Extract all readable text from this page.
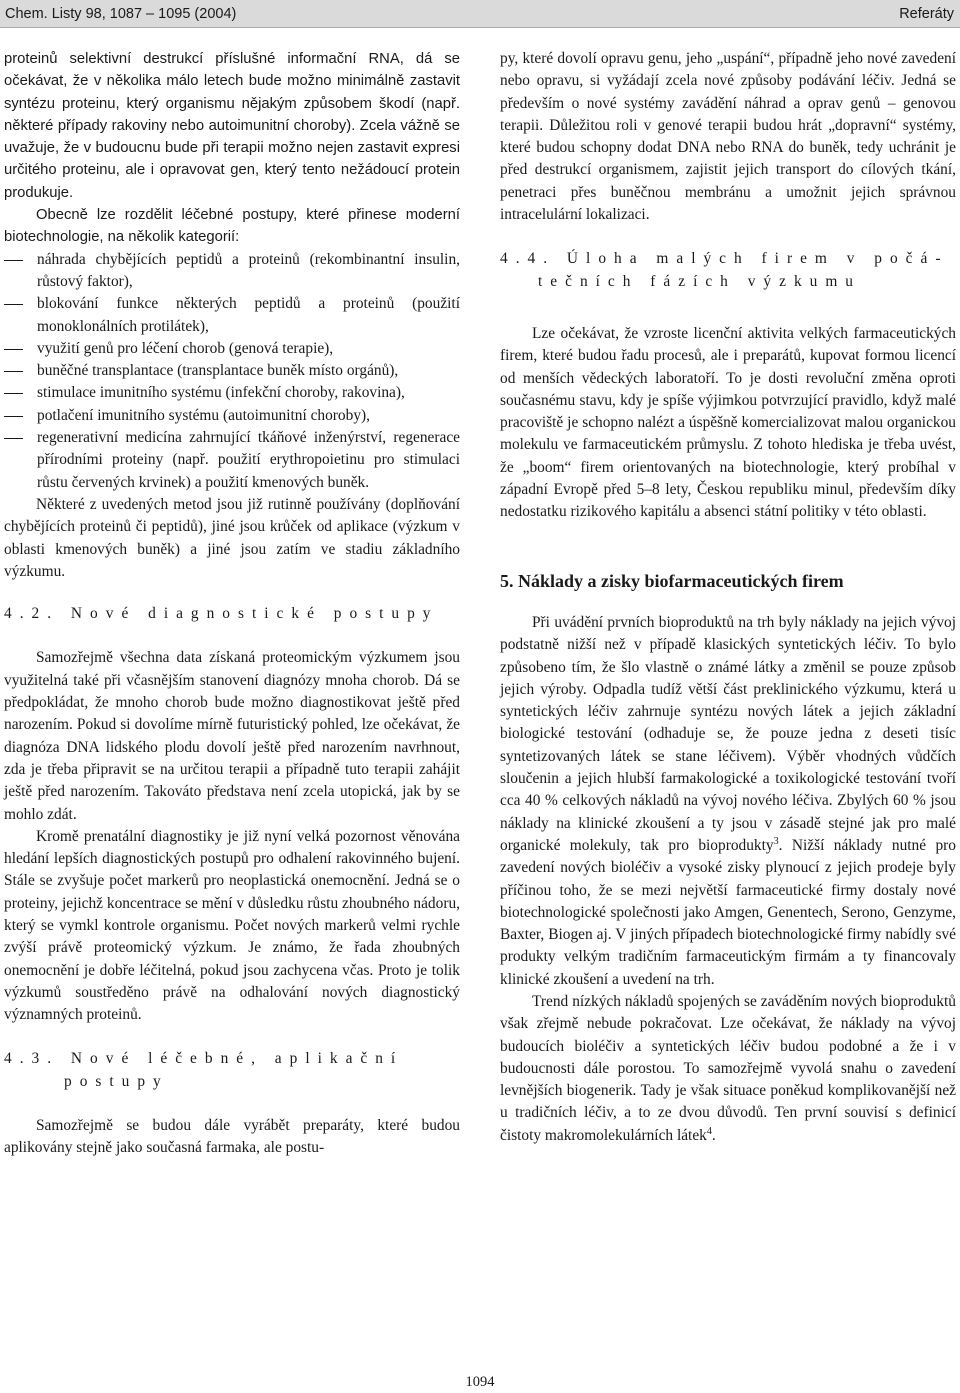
Chem. Listy 98, 1087 – 1095 (2004)	Referáty

proteinů selektivní destrukcí příslušné informační RNA, dá se očekávat, že v několika málo letech bude možno minimálně zastavit syntézu proteinu, který organismu nějakým způsobem škodí (např. některé případy rakoviny nebo autoimunitní choroby). Zcela vážně se uvažuje, že v budoucnu bude při terapii možno nejen zastavit expresi určitého proteinu, ale i opravovat gen, který tento nežádoucí protein produkuje.

Obecně lze rozdělit léčebné postupy, které přinese moderní biotechnologie, na několik kategorií:

náhrada chybějících peptidů a proteinů (rekombinantní insulin, růstový faktor),
blokování funkce některých peptidů a proteinů (použití monoklonálních protilátek),
využití genů pro léčení chorob (genová terapie),
buněčné transplantace (transplantace buněk místo orgánů),
stimulace imunitního systému (infekční choroby, rakovina),
potlačení imunitního systému (autoimunitní choroby),
regenerativní medicína zahrnující tkáňové inženýrství, regenerace přírodními proteiny (např. použití erythropoietinu pro stimulaci růstu červených krvinek) a použití kmenových buněk.

Některé z uvedených metod jsou již rutinně používány (doplňování chybějících proteinů či peptidů), jiné jsou krůček od aplikace (výzkum v oblasti kmenových buněk) a jiné jsou zatím ve stadiu základního výzkumu.

4.2. Nové diagnostické postupy

Samozřejmě všechna data získaná proteomickým výzkumem jsou využitelná také při včasnějším stanovení diagnózy mnoha chorob. Dá se předpokládat, že mnoho chorob bude možno diagnostikovat ještě před narozením. Pokud si dovolíme mírně futuristický pohled, lze očekávat, že diagnóza DNA lidského plodu dovolí ještě před narozením navrhnout, zda je třeba připravit se na určitou terapii a případně tuto terapii zahájit ještě před narozením. Takováto představa není zcela utopická, jak by se mohlo zdát.

Kromě prenatální diagnostiky je již nyní velká pozornost věnována hledání lepších diagnostických postupů pro odhalení rakovinného bujení. Stále se zvyšuje počet markerů pro neoplastická onemocnění. Jedná se o proteiny, jejichž koncentrace se mění v důsledku růstu zhoubného nádoru, který se vymkl kontrole organismu. Počet nových markerů velmi rychle zvýší právě proteomický výzkum. Je známo, že řada zhoubných onemocnění je dobře léčitelná, pokud jsou zachycena včas. Proto je tolik výzkumů soustředěno právě na odhalování nových diagnostický významných proteinů.

4.3. Nové léčebné, aplikační

postupy

Samozřejmě se budou dále vyrábět preparáty, které budou aplikovány stejně jako současná farmaka, ale postu-

py, které dovolí opravu genu, jeho „uspání“, případně jeho nové zavedení nebo opravu, si vyžádají zcela nové způsoby podávání léčiv. Jedná se především o nové systémy zavádění náhrad a oprav genů – genovou terapii. Důležitou roli v genové terapii budou hrát „dopravní“ systémy, které budou schopny dodat DNA nebo RNA do buněk, tedy uchránit je před destrukcí organismem, zajistit jejich transport do cílových tkání, penetraci přes buněčnou membránu a umožnit jejich správnou intracelulární lokalizaci.

4.4. Úloha malých firem v počá-

tečních fázích výzkumu

Lze očekávat, že vzroste licenční aktivita velkých farmaceutických firem, které budou řadu procesů, ale i preparátů, kupovat formou licencí od menších vědeckých laboratoří. To je dosti revoluční změna oproti současnému stavu, kdy je spíše výjimkou potvrzující pravidlo, když malé pracoviště je schopno nalézt a úspěšně komercializovat malou organickou molekulu ve farmaceutickém průmyslu. Z tohoto hlediska je třeba uvést, že „boom“ firem orientovaných na biotechnologie, který probíhal v západní Evropě před 5–8 lety, Českou republiku minul, především díky nedostatku rizikového kapitálu a absenci státní politiky v této oblasti.

5. Náklady a zisky biofarmaceutických firem

Při uvádění prvních bioproduktů na trh byly náklady na jejich vývoj podstatně nižší než v případě klasických syntetických léčiv. To bylo způsobeno tím, že šlo vlastně o známé látky a změnil se pouze způsob jejich výroby. Odpadla tudíž větší část preklinického výzkumu, která u syntetických léčiv zahrnuje syntézu nových látek a jejich základní biologické testování (odhaduje se, že pouze jedna z deseti tisíc syntetizovaných látek se stane léčivem). Výběr vhodných vůdčích sloučenin a jejich hlubší farmakologické a toxikologické testování tvoří cca 40 % celkových nákladů na vývoj nového léčiva. Zbylých 60 % jsou náklady na klinické zkoušení a ty jsou v zásadě stejné jak pro malé organické molekuly, tak pro bioprodukty$^3$. Nižší náklady nutné pro zavedení nových bioléčiv a vysoké zisky plynoucí z jejich prodeje byly příčinou toho, že se mezi největší farmaceutické firmy dostaly nové biotechnologické společnosti jako Amgen, Genentech, Serono, Genzyme, Baxter, Biogen aj. V jiných případech biotechnologické firmy nabídly své produkty velkým tradičním farmaceutickým firmám a ty financovaly klinické zkoušení a uvedení na trh.

Trend nízkých nákladů spojených se zaváděním nových bioproduktů však zřejmě nebude pokračovat. Lze očekávat, že náklady na vývoj budoucích bioléčiv a syntetických léčiv budou podobné a že i v budoucnosti dále porostou. To samozřejmě vyvolá snahu o zavedení levnějších biogenerik. Tady je však situace poněkud komplikovanější než u tradičních léčiv, a to ze dvou důvodů. Ten první souvisí s definicí čistoty makromolekulárních látek$^4$.

1094
